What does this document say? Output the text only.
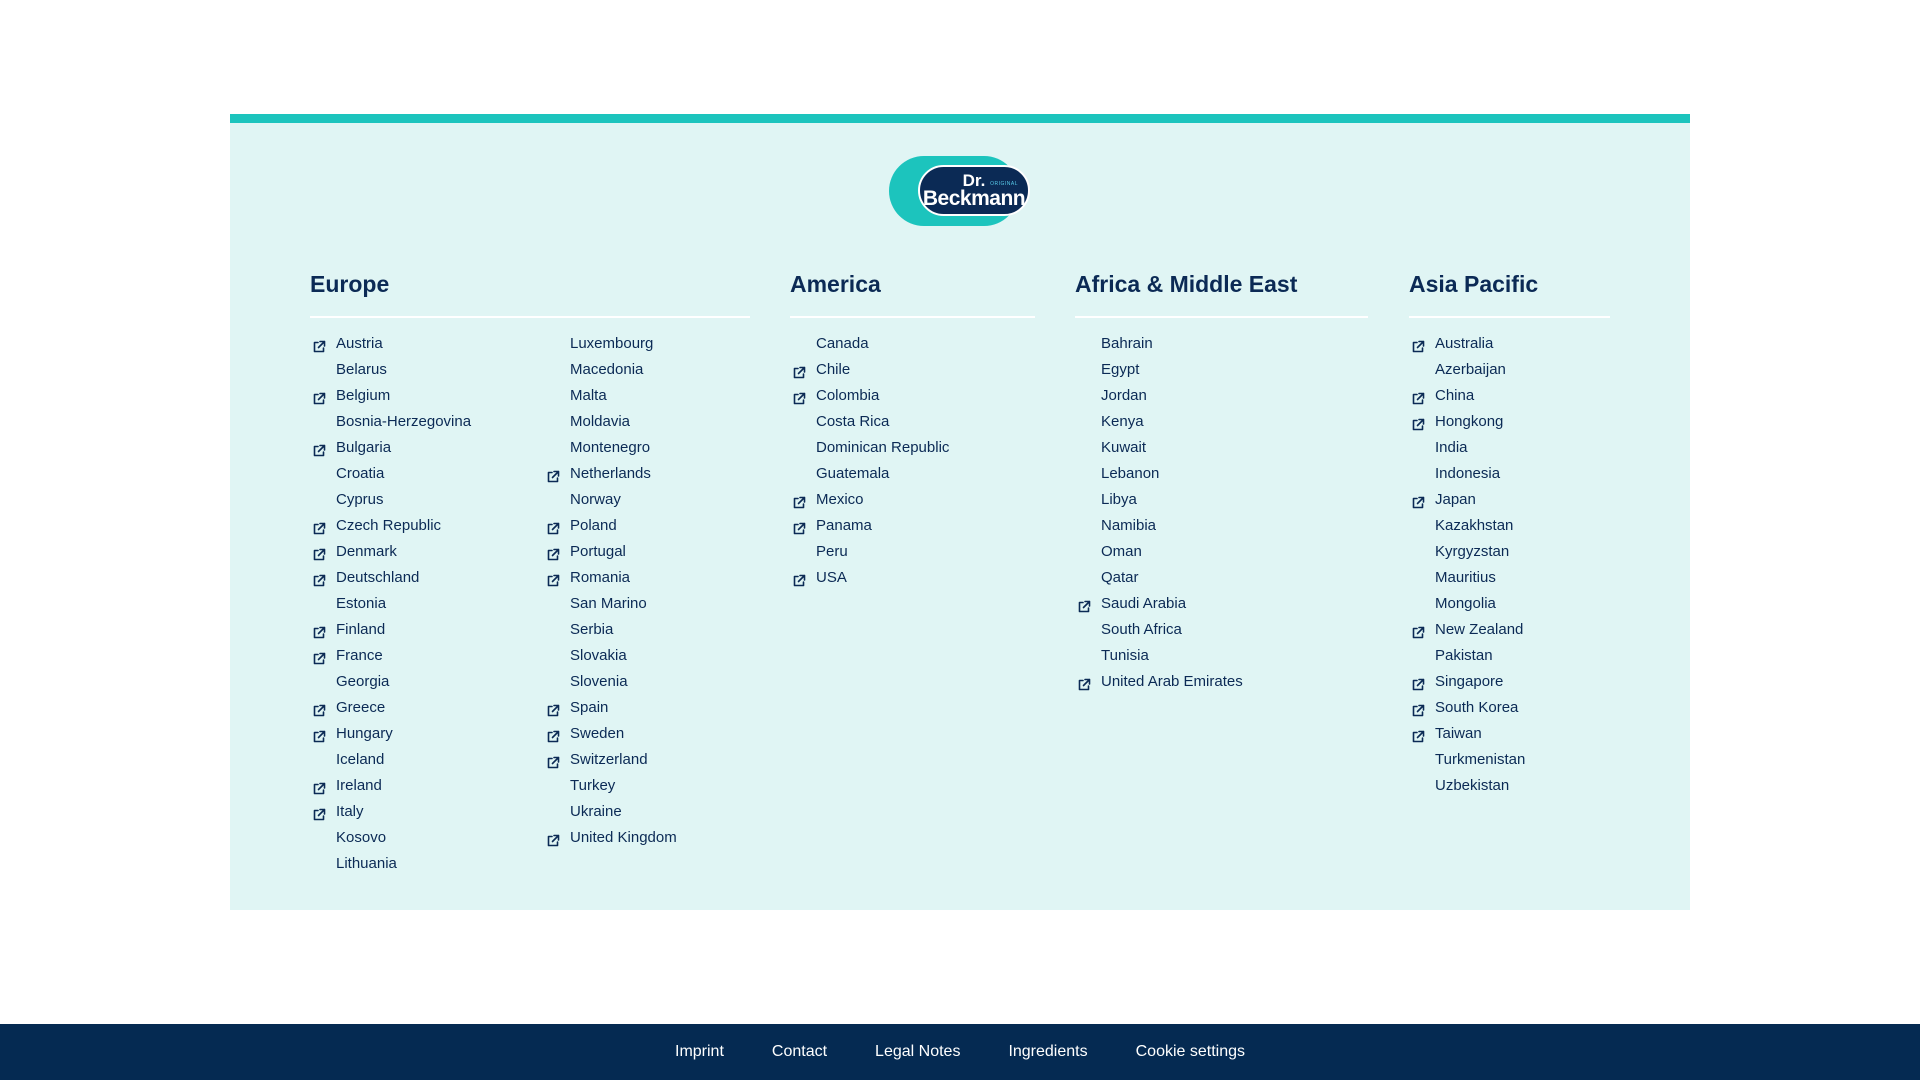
ORIGINAL
Dr.
Beckmann
Europe
Austria
Belarus
Belgium
Bosnia-Herzegovina
Bulgaria
Croatia
Cyprus
Czech Republic
Denmark
Deutschland
Estonia
Finland
France
Georgia
Greece
Hungary
Iceland
Ireland
Italy
Kosovo
Lithuania
Luxembourg
Macedonia
Malta
Moldavia
Montenegro
Netherlands
Norway
Poland
Portugal
Romania
San Marino
Serbia
Slovakia
Slovenia
Spain
Sweden
Switzerland
Turkey
Ukraine
United Kingdom
America
Canada
Chile
Colombia
Costa Rica
Dominican Republic
Guatemala
Mexico
Panama
Peru
USA
Africa & Middle East
Bahrain
Egypt
Jordan
Kenya
Kuwait
Lebanon
Libya
Namibia
Oman
Qatar
Saudi Arabia
South Africa
Tunisia
United Arab Emirates
Asia Pacific
Australia
Azerbaijan
China
Hongkong
India
Indonesia
Japan
Kazakhstan
Kyrgyzstan
Mauritius
Mongolia
New Zealand
Pakistan
Singapore
South Korea
Taiwan
Turkmenistan
Uzbekistan
Imprint	Contact	Legal Notes	Ingredients	Cookie settings
